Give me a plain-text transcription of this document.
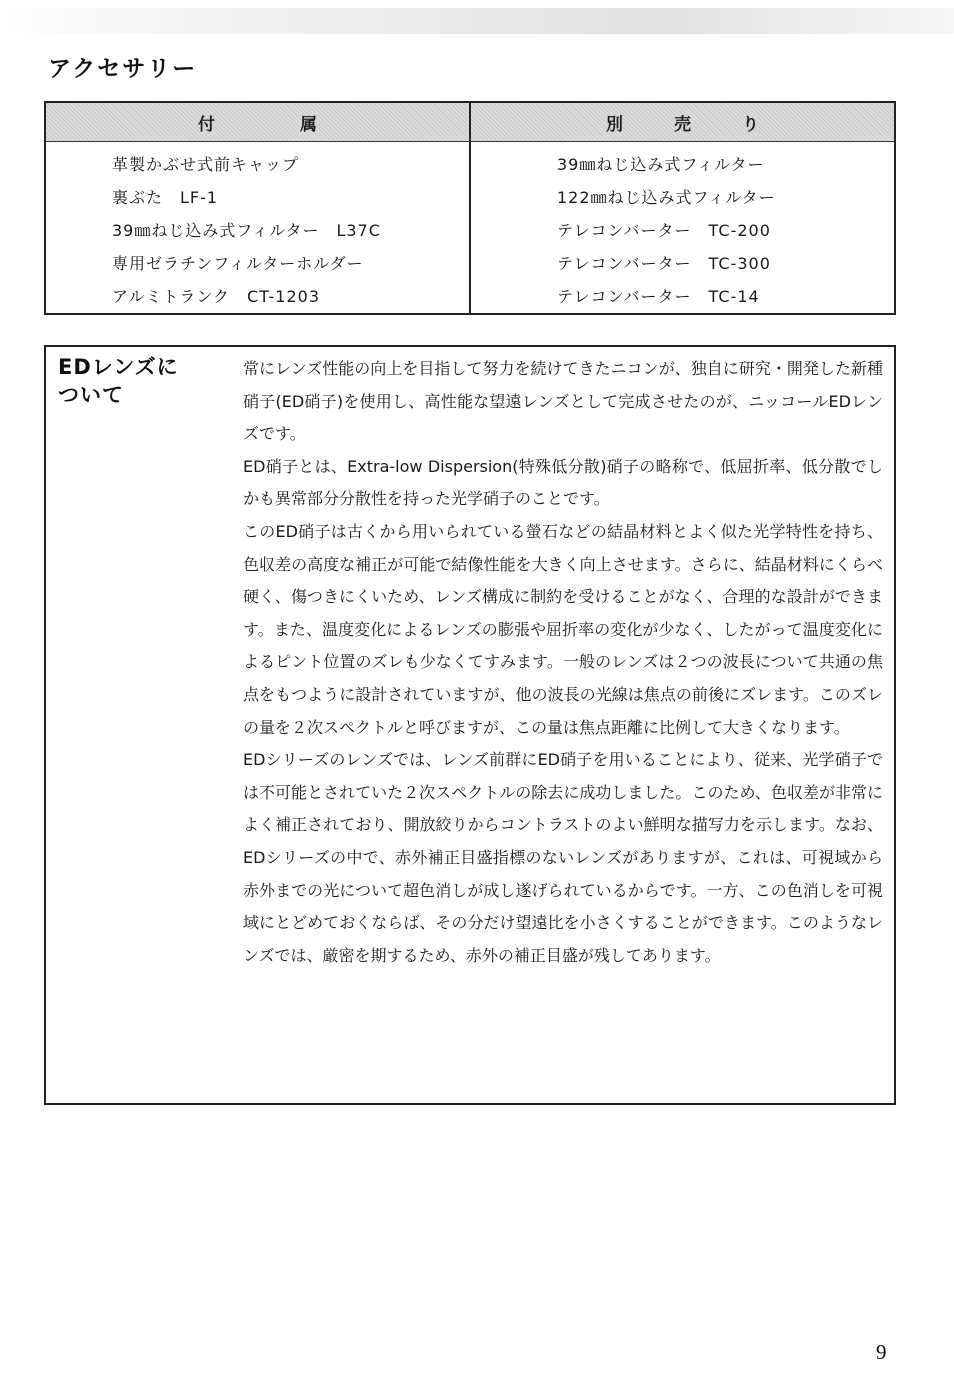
アクセサリー
付　　　　　属	別　　　売　　　り
革製かぶせ式前キャップ
裏ぶた　LF-1
39㎜ねじ込み式フィルター　L37C
専用ゼラチンフィルターホルダー
アルミトランク　CT-1203
39㎜ねじ込み式フィルター
122㎜ねじ込み式フィルター
テレコンバーター　TC-200
テレコンバーター　TC-300
テレコンバーター　TC-14
EDレンズに
ついて

常にレンズ性能の向上を目指して努力を続けてきたニコンが、独自に研究・開発した新種硝子(ED硝子)を使用し、高性能な望遠レンズとして完成させたのが、ニッコールEDレンズです。

ED硝子とは、Extra-low Dispersion(特殊低分散)硝子の略称で、低屈折率、低分散でしかも異常部分分散性を持った光学硝子のことです。

このED硝子は古くから用いられている螢石などの結晶材料とよく似た光学特性を持ち、色収差の高度な補正が可能で結像性能を大きく向上させます。さらに、結晶材料にくらべ硬く、傷つきにくいため、レンズ構成に制約を受けることがなく、合理的な設計ができます。また、温度変化によるレンズの膨張や屈折率の変化が少なく、したがって温度変化によるピント位置のズレも少なくてすみます。一般のレンズは２つの波長について共通の焦点をもつように設計されていますが、他の波長の光線は焦点の前後にズレます。このズレの量を２次スペクトルと呼びますが、この量は焦点距離に比例して大きくなります。

EDシリーズのレンズでは、レンズ前群にED硝子を用いることにより、従来、光学硝子では不可能とされていた２次スペクトルの除去に成功しました。このため、色収差が非常によく補正されており、開放絞りからコントラストのよい鮮明な描写力を示します。なお、EDシリーズの中で、赤外補正目盛指標のないレンズがありますが、これは、可視域から赤外までの光について超色消しが成し遂げられているからです。一方、この色消しを可視域にとどめておくならば、その分だけ望遠比を小さくすることができます。このようなレンズでは、厳密を期するため、赤外の補正目盛が残してあります。

9
